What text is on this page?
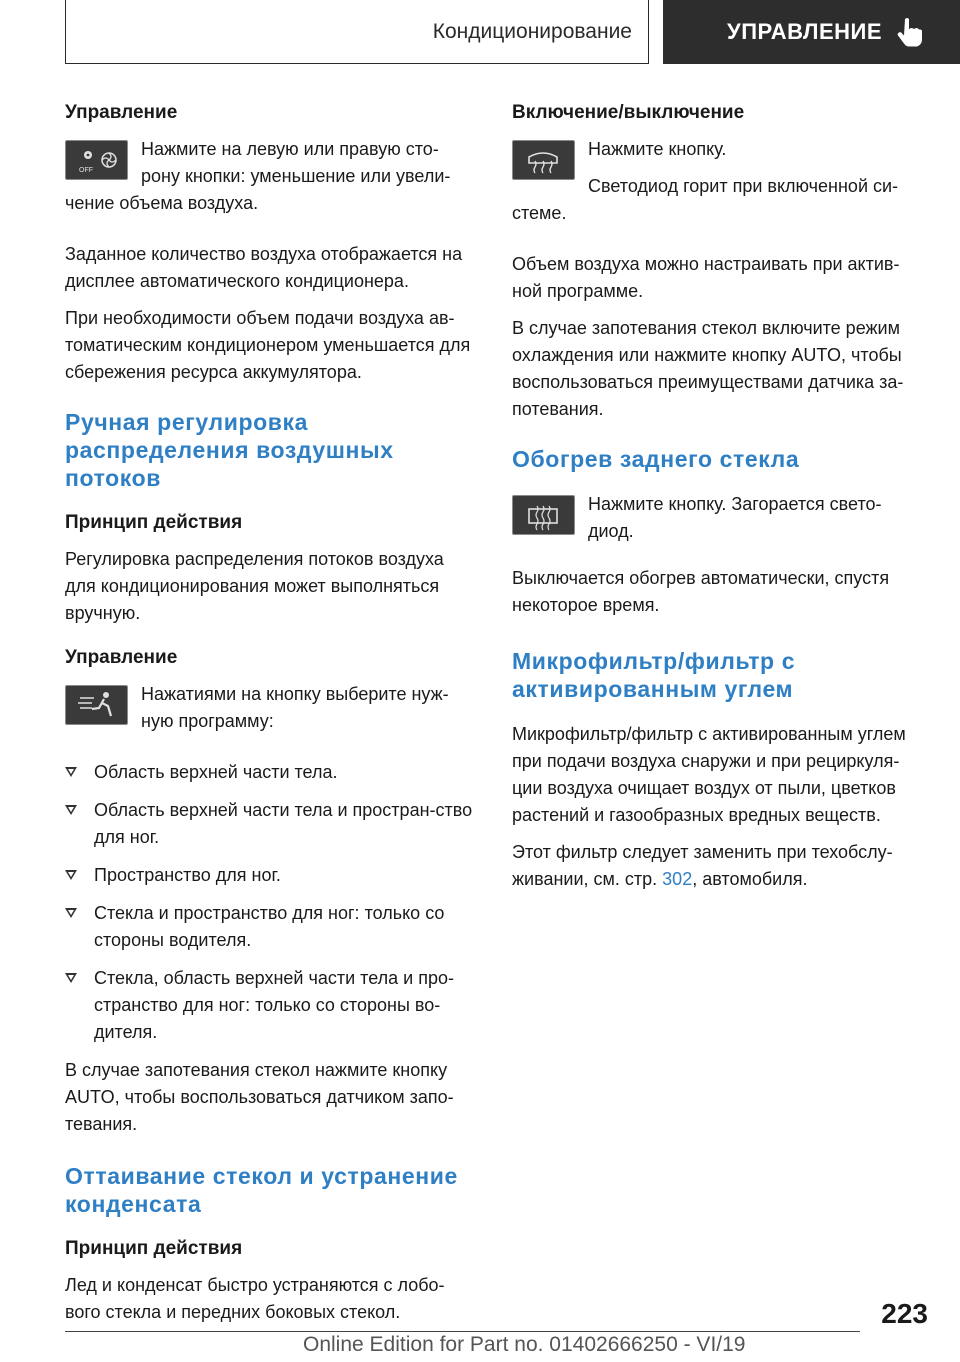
Кондиционирование	УПРАВЛЕНИЕ
Управление
OFF

Нажмите на левую или правую сто-рону кнопки: уменьшение или увели-чение объема воздуха.

Заданное количество воздуха отображается на дисплее автоматического кондиционера.

При необходимости объем подачи воздуха ав-томатическим кондиционером уменьшается для сбережения ресурса аккумулятора.

Ручная регулировка распределения воздушных потоков
Принцип действия

Регулировка распределения потоков воздуха для кондиционирования может выполняться вручную.

Управление

Нажатиями на кнопку выберите нуж-ную программу:

Область верхней части тела.
Область верхней части тела и простран-ство для ног.
Пространство для ног.
Стекла и пространство для ног: только со стороны водителя.
Стекла, область верхней части тела и про-странство для ног: только со стороны во-дителя.

В случае запотевания стекол нажмите кнопку AUTO, чтобы воспользоваться датчиком запо-тевания.

Оттаивание стекол и устранение конденсата
Принцип действия

Лед и конденсат быстро устраняются с лобо-вого стекла и передних боковых стекол.

Включение/выключение

Нажмите кнопку.

Светодиод горит при включенной си-стеме.

Объем воздуха можно настраивать при актив-ной программе.

В случае запотевания стекол включите режим охлаждения или нажмите кнопку AUTO, чтобы воспользоваться преимуществами датчика за-потевания.

Обогрев заднего стекла

Нажмите кнопку. Загорается свето-диод.

Выключается обогрев автоматически, спустя некоторое время.

Микрофильтр/фильтр с активированным углем

Микрофильтр/фильтр с активированным углем при подачи воздуха снаружи и при рециркуля-ции воздуха очищает воздух от пыли, цветков растений и газообразных вредных веществ.

Этот фильтр следует заменить при техобслу-живании, см. стр. 302, автомобиля.

223
Online Edition for Part no. 01402666250 - VI/19
